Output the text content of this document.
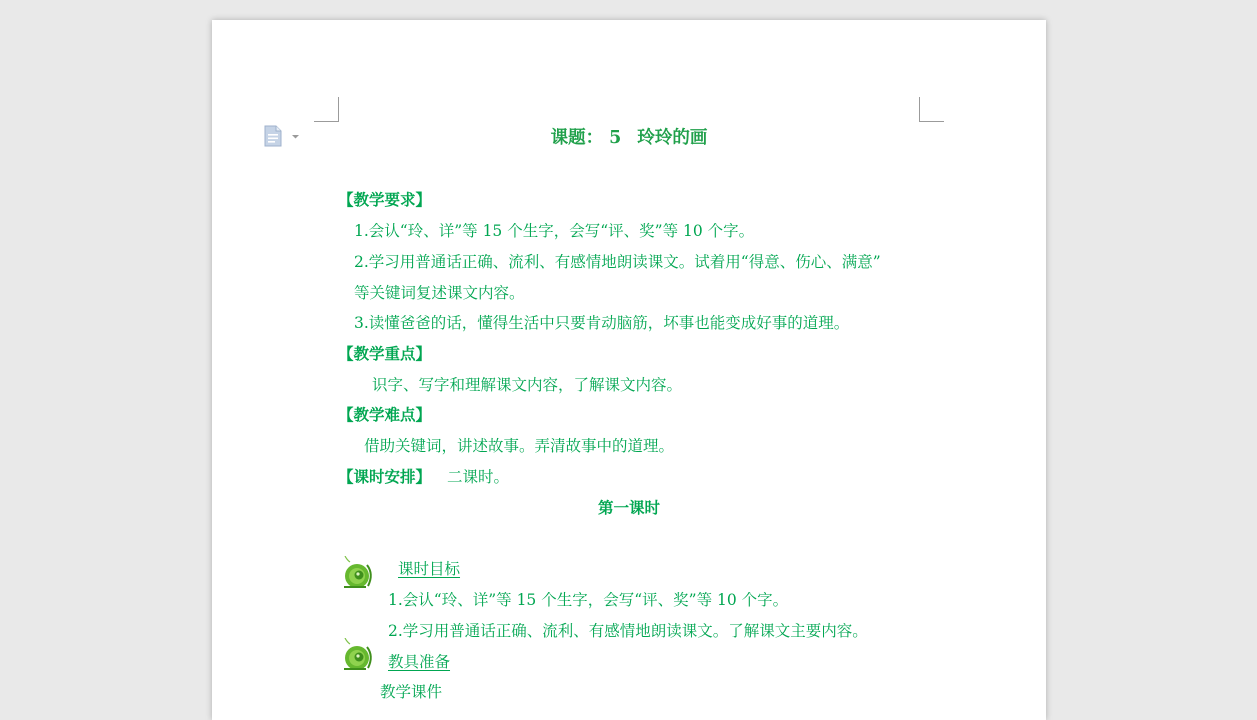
课题： 5 玲玲的画
【教学要求】
1.会认“玲、详”等 15 个生字，会写“评、奖”等 10 个字。
2.学习用普通话正确、流利、有感情地朗读课文。试着用“得意、伤心、满意”
等关键词复述课文内容。
3.读懂爸爸的话，懂得生活中只要肯动脑筋，坏事也能变成好事的道理。
【教学重点】
识字、写字和理解课文内容，了解课文内容。
【教学难点】
借助关键词，讲述故事。弄清故事中的道理。
【课时安排】 二课时。
第一课时
课时目标
1.会认“玲、详”等 15 个生字，会写“评、奖”等 10 个字。
2.学习用普通话正确、流利、有感情地朗读课文。了解课文主要内容。
教具准备
教学课件
